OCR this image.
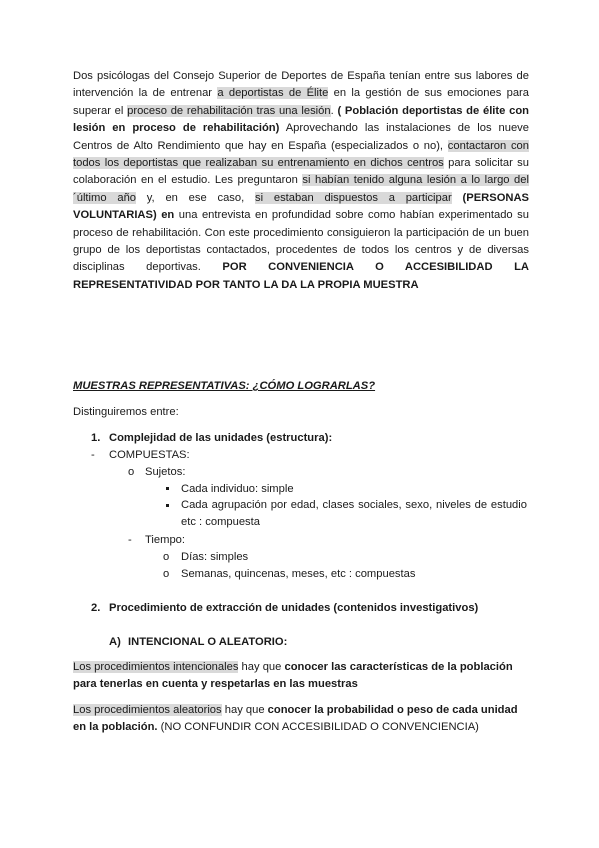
Dos psicólogas del Consejo Superior de Deportes de España tenían entre sus labores de intervención la de entrenar a deportistas de Élite en la gestión de sus emociones para superar el proceso de rehabilitación tras una lesión. ( Población deportistas de élite con lesión en proceso de rehabilitación) Aprovechando las instalaciones de los nueve Centros de Alto Rendimiento que hay en España (especializados o no), contactaron con todos los deportistas que realizaban su entrenamiento en dichos centros para solicitar su colaboración en el estudio. Les preguntaron si habían tenido alguna lesión a lo largo del ´último año y, en ese caso, si estaban dispuestos a participar (PERSONAS VOLUNTARIAS) en una entrevista en profundidad sobre como habían experimentado su proceso de rehabilitación. Con este procedimiento consiguieron la participación de un buen grupo de los deportistas contactados, procedentes de todos los centros y de diversas disciplinas deportivas. POR CONVENIENCIA O ACCESIBILIDAD LA REPRESENTATIVIDAD POR TANTO LA DA LA PROPIA MUESTRA

MUESTRAS REPRESENTATIVAS: ¿CÓMO LOGRARLAS?

Distinguiremos entre:

1. Complejidad de las unidades (estructura):

- COMPUESTAS:

o Sujetos:

Cada individuo: simple

Cada agrupación por edad, clases sociales, sexo, niveles de estudio etc : compuesta

- Tiempo:

o Días: simples

o Semanas, quincenas, meses, etc : compuestas

2. Procedimiento de extracción de unidades (contenidos investigativos)

A) INTENCIONAL O ALEATORIO:

Los procedimientos intencionales hay que conocer las características de la población para tenerlas en cuenta y respetarlas en las muestras

Los procedimientos aleatorios hay que conocer la probabilidad o peso de cada unidad en la población. (NO CONFUNDIR CON ACCESIBILIDAD O CONVENCIENCIA)
